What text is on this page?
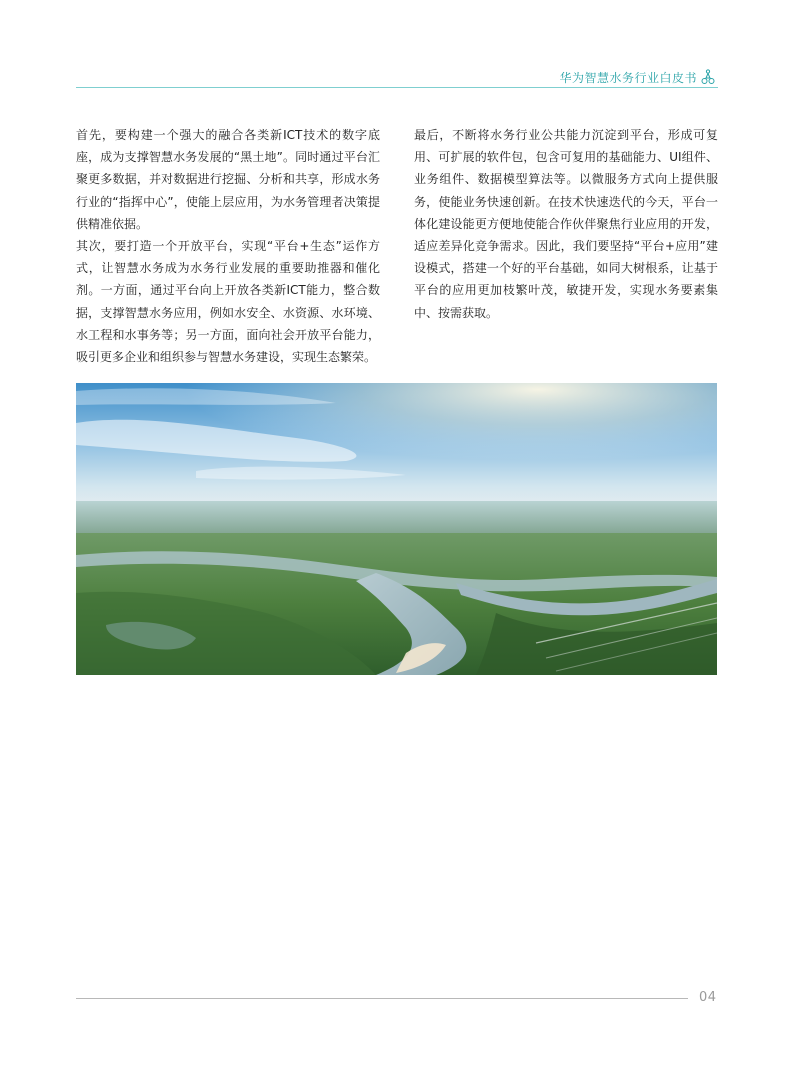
华为智慧水务行业白皮书

首先，要构建一个强大的融合各类新ICT技术的数字底座，成为支撑智慧水务发展的“黑土地”。同时通过平台汇聚更多数据，并对数据进行挖掘、分析和共享，形成水务行业的“指挥中心”，使能上层应用，为水务管理者决策提供精准依据。

其次，要打造一个开放平台，实现“平台+生态”运作方式，让智慧水务成为水务行业发展的重要助推器和催化剂。一方面，通过平台向上开放各类新ICT能力，整合数据，支撑智慧水务应用，例如水安全、水资源、水环境、水工程和水事务等；另一方面，面向社会开放平台能力，吸引更多企业和组织参与智慧水务建设，实现生态繁荣。

最后，不断将水务行业公共能力沉淀到平台，形成可复用、可扩展的软件包，包含可复用的基础能力、UI组件、业务组件、数据模型算法等。以微服务方式向上提供服务，使能业务快速创新。在技术快速迭代的今天，平台一体化建设能更方便地使能合作伙伴聚焦行业应用的开发，适应差异化竞争需求。因此，我们要坚持“平台+应用”建设模式，搭建一个好的平台基础，如同大树根系，让基于平台的应用更加枝繁叶茂，敏捷开发，实现水务要素集中、按需获取。

04
